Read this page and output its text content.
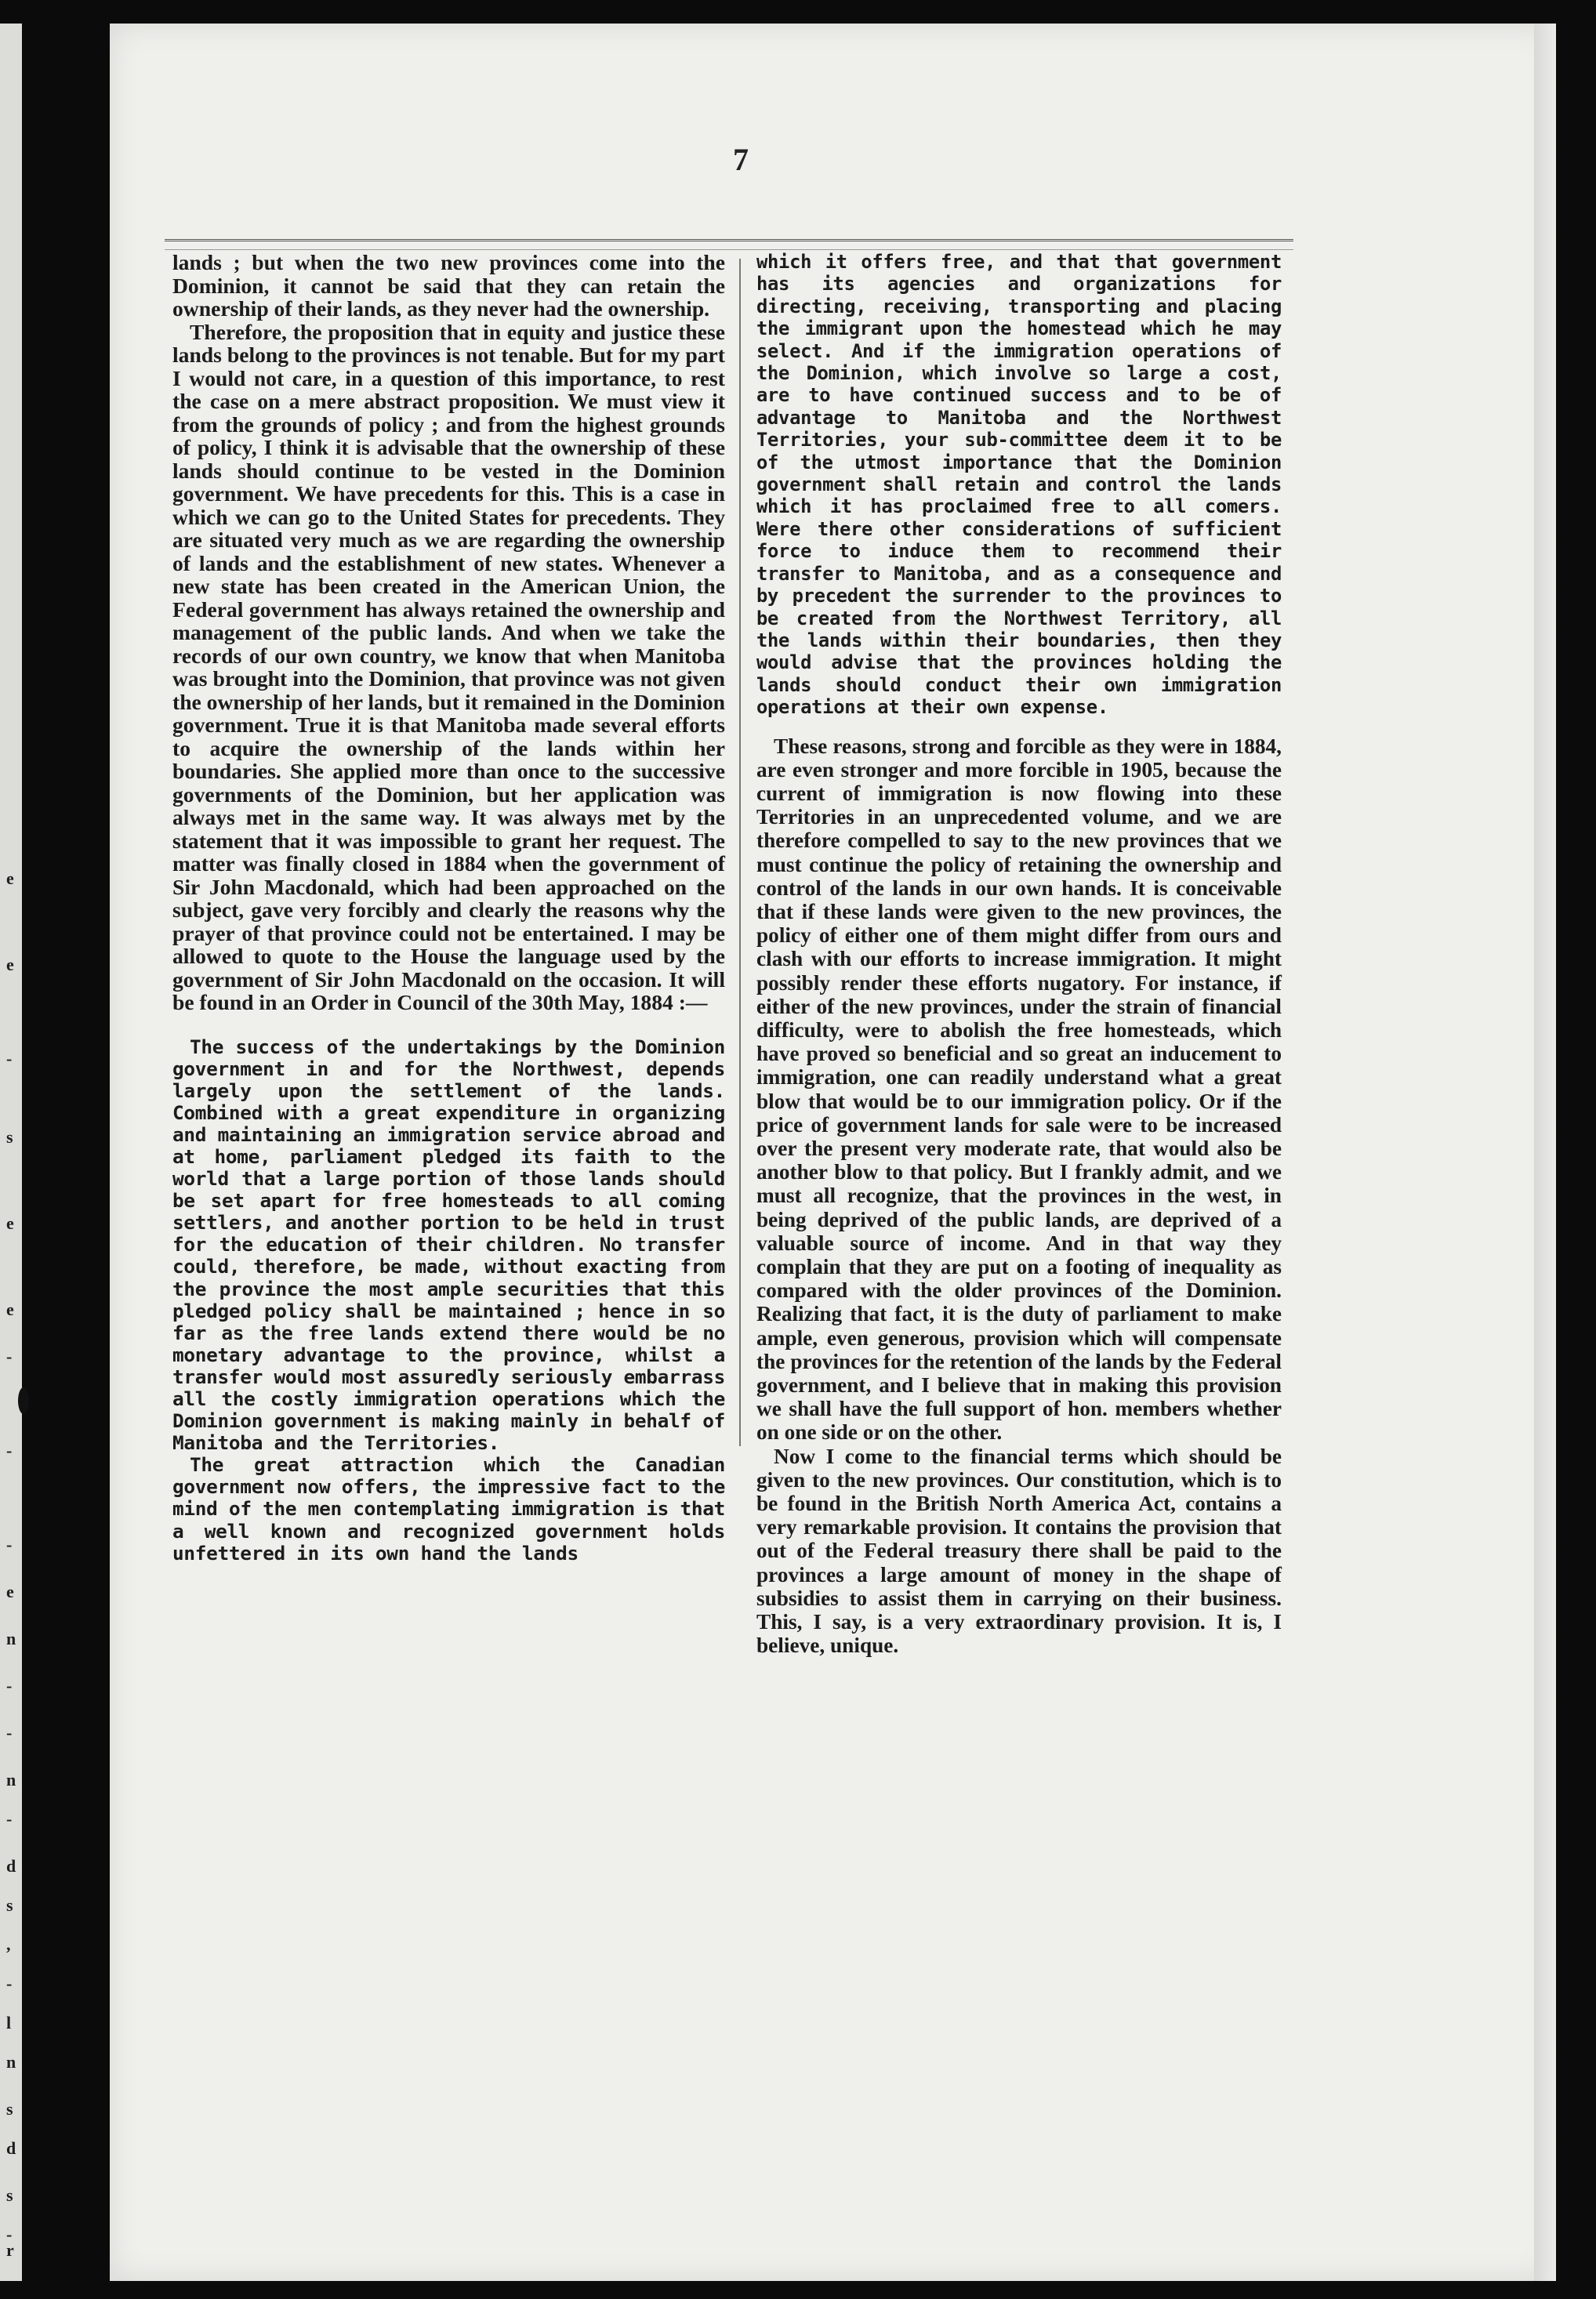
e
e
-
s
e
e
-
-
-
e
n
-
-
n
-
d
s
,
-
l
n
s
d
s
-
r
7

lands ; but when the two new provinces come into the Dominion, it cannot be said that they can retain the ownership of their lands, as they never had the ownership.

Therefore, the proposition that in equity and justice these lands belong to the provinces is not tenable. But for my part I would not care, in a question of this importance, to rest the case on a mere abstract proposition. We must view it from the grounds of policy ; and from the highest grounds of policy, I think it is advisable that the ownership of these lands should continue to be vested in the Dominion government. We have precedents for this. This is a case in which we can go to the United States for precedents. They are situated very much as we are regarding the ownership of lands and the establishment of new states. Whenever a new state has been created in the American Union, the Federal government has always retained the ownership and management of the public lands. And when we take the records of our own country, we know that when Manitoba was brought into the Dominion, that province was not given the ownership of her lands, but it remained in the Dominion government. True it is that Manitoba made several efforts to acquire the ownership of the lands within her boundaries. She applied more than once to the successive governments of the Dominion, but her application was always met in the same way. It was always met by the statement that it was impossible to grant her request. The matter was finally closed in 1884 when the government of Sir John Macdonald, which had been approached on the subject, gave very forcibly and clearly the reasons why the prayer of that province could not be entertained. I may be allowed to quote to the House the language used by the government of Sir John Macdonald on the occasion. It will be found in an Order in Council of the 30th May, 1884 :—

The success of the undertakings by the Dominion government in and for the Northwest, depends largely upon the settlement of the lands. Combined with a great expenditure in organizing and maintaining an immigration service abroad and at home, parliament pledged its faith to the world that a large portion of those lands should be set apart for free homesteads to all coming settlers, and another portion to be held in trust for the education of their children. No transfer could, therefore, be made, without exacting from the province the most ample securities that this pledged policy shall be maintained ; hence in so far as the free lands extend there would be no monetary advantage to the province, whilst a transfer would most assuredly seriously embarrass all the costly immigration operations which the Dominion government is making mainly in behalf of Manitoba and the Territories.

The great attraction which the Canadian government now offers, the impressive fact to the mind of the men contemplating immigration is that a well known and recognized government holds unfettered in its own hand the lands

which it offers free, and that that government has its agencies and organizations for directing, receiving, transporting and placing the immigrant upon the homestead which he may select. And if the immigration operations of the Dominion, which involve so large a cost, are to have continued success and to be of advantage to Manitoba and the Northwest Territories, your sub-committee deem it to be of the utmost importance that the Dominion government shall retain and control the lands which it has proclaimed free to all comers. Were there other considerations of sufficient force to induce them to recommend their transfer to Manitoba, and as a consequence and by precedent the surrender to the provinces to be created from the Northwest Territory, all the lands within their boundaries, then they would advise that the provinces holding the lands should conduct their own immigration operations at their own expense.

These reasons, strong and forcible as they were in 1884, are even stronger and more forcible in 1905, because the current of immigration is now flowing into these Territories in an unprecedented volume, and we are therefore compelled to say to the new provinces that we must continue the policy of retaining the ownership and control of the lands in our own hands. It is conceivable that if these lands were given to the new provinces, the policy of either one of them might differ from ours and clash with our efforts to increase immigration. It might possibly render these efforts nugatory. For instance, if either of the new provinces, under the strain of financial difficulty, were to abolish the free homesteads, which have proved so beneficial and so great an inducement to immigration, one can readily understand what a great blow that would be to our immigration policy. Or if the price of government lands for sale were to be increased over the present very moderate rate, that would also be another blow to that policy. But I frankly admit, and we must all recognize, that the provinces in the west, in being deprived of the public lands, are deprived of a valuable source of income. And in that way they complain that they are put on a footing of inequality as compared with the older provinces of the Dominion. Realizing that fact, it is the duty of parliament to make ample, even generous, provision which will compensate the provinces for the retention of the lands by the Federal government, and I believe that in making this provision we shall have the full support of hon. members whether on one side or on the other.

Now I come to the financial terms which should be given to the new provinces. Our constitution, which is to be found in the British North America Act, contains a very remarkable provision. It contains the provision that out of the Federal treasury there shall be paid to the provinces a large amount of money in the shape of subsidies to assist them in carrying on their business. This, I say, is a very extraordinary provision. It is, I believe, unique.
